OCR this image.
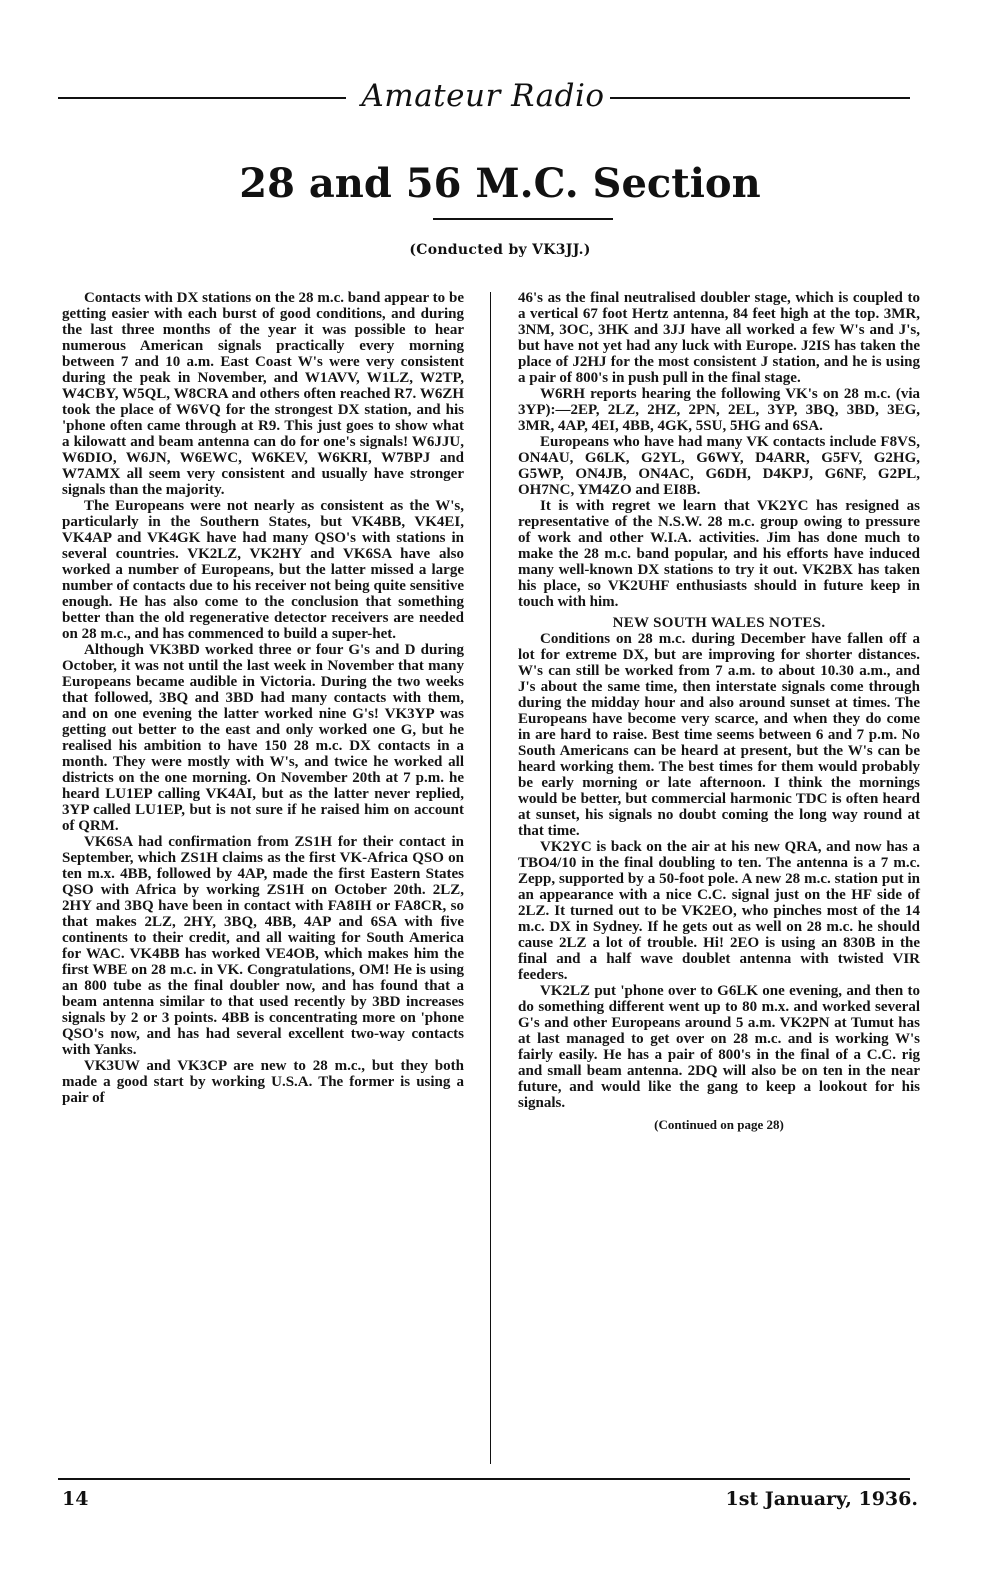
Amateur Radio
28 and 56 M.C. Section
(Conducted by VK3JJ.)

Contacts with DX stations on the 28 m.c. band appear to be getting easier with each burst of good conditions, and during the last three months of the year it was possible to hear numerous American signals practically every morning between 7 and 10 a.m. East Coast W's were very consistent during the peak in November, and W1AVV, W1LZ, W2TP, W4CBY, W5QL, W8CRA and others often reached R7. W6ZH took the place of W6VQ for the strongest DX station, and his 'phone often came through at R9. This just goes to show what a kilowatt and beam antenna can do for one's signals! W6JJU, W6DIO, W6JN, W6EWC, W6KEV, W6KRI, W7BPJ and W7AMX all seem very consistent and usually have stronger signals than the majority.

The Europeans were not nearly as consistent as the W's, particularly in the Southern States, but VK4BB, VK4EI, VK4AP and VK4GK have had many QSO's with stations in several countries. VK2LZ, VK2HY and VK6SA have also worked a number of Europeans, but the latter missed a large number of contacts due to his receiver not being quite sensitive enough. He has also come to the conclusion that something better than the old regenerative detector receivers are needed on 28 m.c., and has commenced to build a super-het.

Although VK3BD worked three or four G's and D during October, it was not until the last week in November that many Europeans became audible in Victoria. During the two weeks that followed, 3BQ and 3BD had many contacts with them, and on one evening the latter worked nine G's! VK3YP was getting out better to the east and only worked one G, but he realised his ambition to have 150 28 m.c. DX contacts in a month. They were mostly with W's, and twice he worked all districts on the one morning. On November 20th at 7 p.m. he heard LU1EP calling VK4AI, but as the latter never replied, 3YP called LU1EP, but is not sure if he raised him on account of QRM.

VK6SA had confirmation from ZS1H for their contact in September, which ZS1H claims as the first VK-Africa QSO on ten m.x. 4BB, followed by 4AP, made the first Eastern States QSO with Africa by working ZS1H on October 20th. 2LZ, 2HY and 3BQ have been in contact with FA8IH or FA8CR, so that makes 2LZ, 2HY, 3BQ, 4BB, 4AP and 6SA with five continents to their credit, and all waiting for South America for WAC. VK4BB has worked VE4OB, which makes him the first WBE on 28 m.c. in VK. Congratulations, OM! He is using an 800 tube as the final doubler now, and has found that a beam antenna similar to that used recently by 3BD increases signals by 2 or 3 points. 4BB is concentrating more on 'phone QSO's now, and has had several excellent two-way contacts with Yanks.

VK3UW and VK3CP are new to 28 m.c., but they both made a good start by working U.S.A. The former is using a pair of

46's as the final neutralised doubler stage, which is coupled to a vertical 67 foot Hertz antenna, 84 feet high at the top. 3MR, 3NM, 3OC, 3HK and 3JJ have all worked a few W's and J's, but have not yet had any luck with Europe. J2IS has taken the place of J2HJ for the most consistent J station, and he is using a pair of 800's in push pull in the final stage.

W6RH reports hearing the following VK's on 28 m.c. (via 3YP):—2EP, 2LZ, 2HZ, 2PN, 2EL, 3YP, 3BQ, 3BD, 3EG, 3MR, 4AP, 4EI, 4BB, 4GK, 5SU, 5HG and 6SA.

Europeans who have had many VK contacts include F8VS, ON4AU, G6LK, G2YL, G6WY, D4ARR, G5FV, G2HG, G5WP, ON4JB, ON4AC, G6DH, D4KPJ, G6NF, G2PL, OH7NC, YM4ZO and EI8B.

It is with regret we learn that VK2YC has resigned as representative of the N.S.W. 28 m.c. group owing to pressure of work and other W.I.A. activities. Jim has done much to make the 28 m.c. band popular, and his efforts have induced many well-known DX stations to try it out. VK2BX has taken his place, so VK2UHF enthusiasts should in future keep in touch with him.

NEW SOUTH WALES NOTES.

Conditions on 28 m.c. during December have fallen off a lot for extreme DX, but are improving for shorter distances. W's can still be worked from 7 a.m. to about 10.30 a.m., and J's about the same time, then interstate signals come through during the midday hour and also around sunset at times. The Europeans have become very scarce, and when they do come in are hard to raise. Best time seems between 6 and 7 p.m. No South Americans can be heard at present, but the W's can be heard working them. The best times for them would probably be early morning or late afternoon. I think the mornings would be better, but commercial harmonic TDC is often heard at sunset, his signals no doubt coming the long way round at that time.

VK2YC is back on the air at his new QRA, and now has a TBO4/10 in the final doubling to ten. The antenna is a 7 m.c. Zepp, supported by a 50-foot pole. A new 28 m.c. station put in an appearance with a nice C.C. signal just on the HF side of 2LZ. It turned out to be VK2EO, who pinches most of the 14 m.c. DX in Sydney. If he gets out as well on 28 m.c. he should cause 2LZ a lot of trouble. Hi! 2EO is using an 830B in the final and a half wave doublet antenna with twisted VIR feeders.

VK2LZ put 'phone over to G6LK one evening, and then to do something different went up to 80 m.x. and worked several G's and other Europeans around 5 a.m. VK2PN at Tumut has at last managed to get over on 28 m.c. and is working W's fairly easily. He has a pair of 800's in the final of a C.C. rig and small beam antenna. 2DQ will also be on ten in the near future, and would like the gang to keep a lookout for his signals.

(Continued on page 28)

14	1st January, 1936.
